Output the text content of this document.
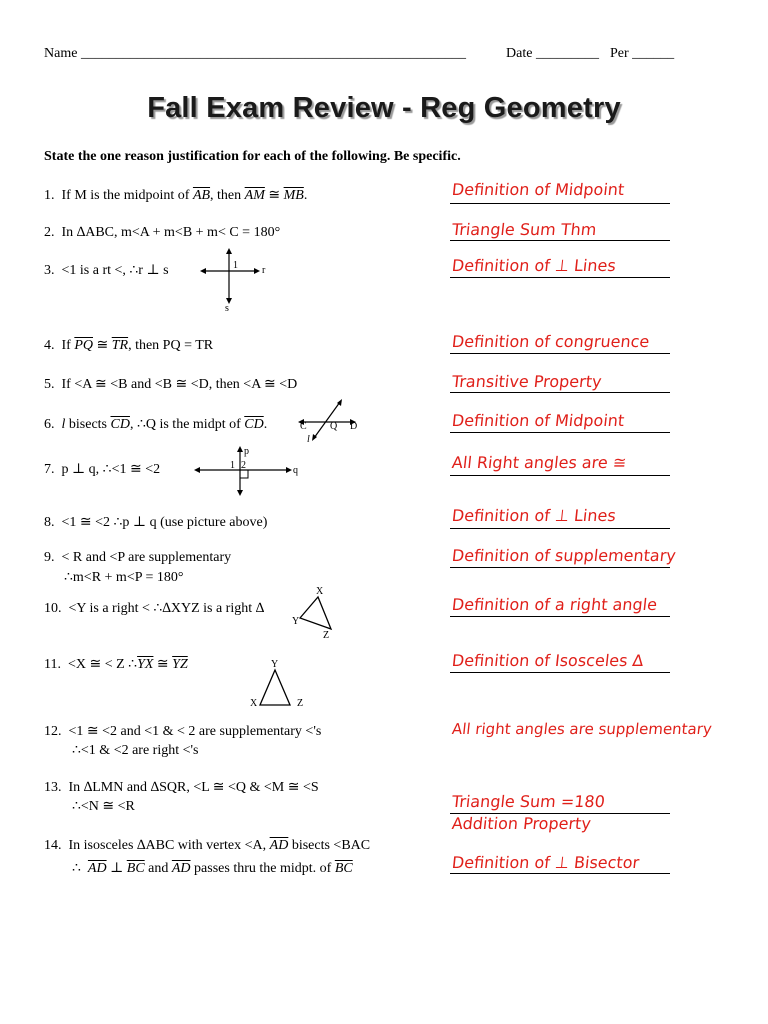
Name _______________________________________________________	Date _________ Per ______
Fall Exam Review - Reg Geometry
State the one reason justification for each of the following. Be specific.
1. If M is the midpoint of $\overline{AB}$, then $\overline{AM}$ ≅ $\overline{MB}$.
2. In ∆ABC, m<A + m<B + m< C = 180°
3. <1 is a rt <, ∴r ⊥ s	1 r
s
4. If $\overline{PQ}$ ≅ $\overline{TR}$, then PQ = TR
5. If <A ≅ <B and <B ≅ <D, then <A ≅ <D
6. l bisects $\overline{CD}$, ∴Q is the midpt of $\overline{CD}$.	C Q D
l
7. p ⊥ q, ∴<1 ≅ <2
p
q
1 2
8. <1 ≅ <2 ∴p ⊥ q (use picture above)
9. < R and <P are supplementary
∴m<R + m<P = 180°
10. <Y is a right < ∴∆XYZ is a right ∆
X
Y
Z
11. <X ≅ < Z $\therefore\overline{YX}$ ≅ $\overline{YZ}$	Y
X	Z
12. <1 ≅ <2 and <1 & < 2 are supplementary <'s
∴<1 & <2 are right <'s
13. In ∆LMN and ∆SQR, <L ≅ <Q & <M ≅ <S
∴<N ≅ <R
14. In isosceles ∆ABC with vertex <A, $\overline{AD}$ bisects <BAC
∴ $\overline{AD}$ ⊥ $\overline{BC}$ and $\overline{AD}$ passes thru the midpt. of $\overline{BC}$
Definition of Midpoint
Triangle Sum Thm
Definition of ⊥ Lines
Definition of congruence
Transitive Property
Definition of Midpoint
All Right angles are ≅
Definition of ⊥ Lines
Definition of supplementary
Definition of a right angle
Definition of Isosceles ∆
All right angles are supplementary
Triangle Sum =180
Addition Property
Definition of ⊥ Bisector
